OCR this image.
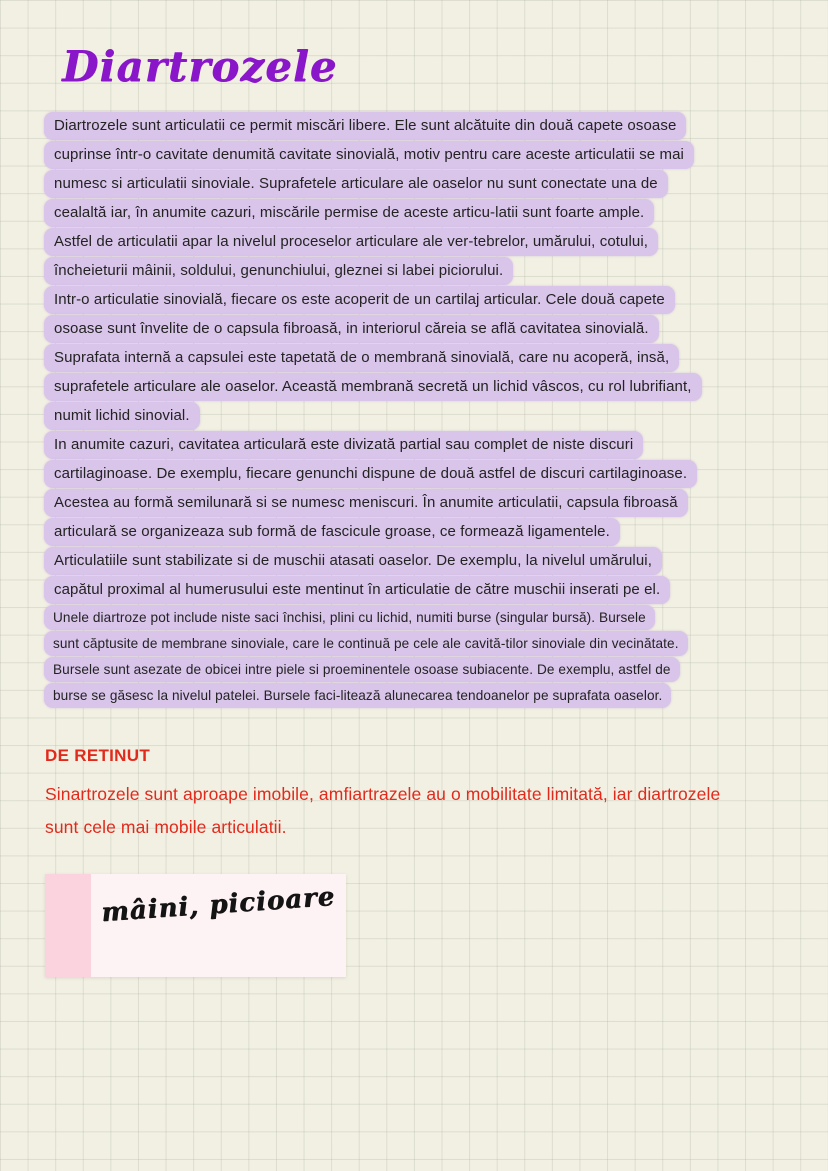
Diartrozele
Diartrozele sunt articulatii ce permit miscări libere. Ele sunt alcătuite din două capete osoase
cuprinse într-o cavitate denumită cavitate sinovială, motiv pentru care aceste articulatii se mai
numesc si articulatii sinoviale. Suprafetele articulare ale oaselor nu sunt conectate una de
cealaltă iar, în anumite cazuri, miscările permise de aceste articu-latii sunt foarte ample.
Astfel de articulatii apar la nivelul proceselor articulare ale ver-tebrelor, umărului, cotului,
încheieturii mâinii, soldului, genunchiului, gleznei si labei piciorului.
Intr-o articulatie sinovială, fiecare os este acoperit de un cartilaj articular. Cele două capete
osoase sunt învelite de o capsula fibroasă, in interiorul căreia se află cavitatea sinovială.
Suprafata internă a capsulei este tapetată de o membrană sinovială, care nu acoperă, insă,
suprafetele articulare ale oaselor. Această membrană secretă un lichid vâscos, cu rol lubrifiant,
numit lichid sinovial.
In anumite cazuri, cavitatea articulară este divizată partial sau complet de niste discuri
cartilaginoase. De exemplu, fiecare genunchi dispune de două astfel de discuri cartilaginoase.
Acestea au formă semilunară si se numesc meniscuri. În anumite articulatii, capsula fibroasă
articulară se organizeaza sub formă de fascicule groase, ce formează ligamentele.
Articulatiile sunt stabilizate si de muschii atasati oaselor. De exemplu, la nivelul umărului,
capătul proximal al humerusului este mentinut în articulatie de către muschii inserati pe el.
Unele diartroze pot include niste saci închisi, plini cu lichid, numiti burse (singular bursă). Bursele
sunt căptusite de membrane sinoviale, care le continuă pe cele ale cavită-tilor sinoviale din vecinătate.
Bursele sunt asezate de obicei intre piele si proeminentele osoase subiacente. De exemplu, astfel de
burse se găsesc la nivelul patelei. Bursele faci-litează alunecarea tendoanelor pe suprafata oaselor.
DE RETINUT
Sinartrozele sunt aproape imobile, amfiartrazele au o mobilitate limitată, iar diartrozele
sunt cele mai mobile articulatii.
mâini, picioare
